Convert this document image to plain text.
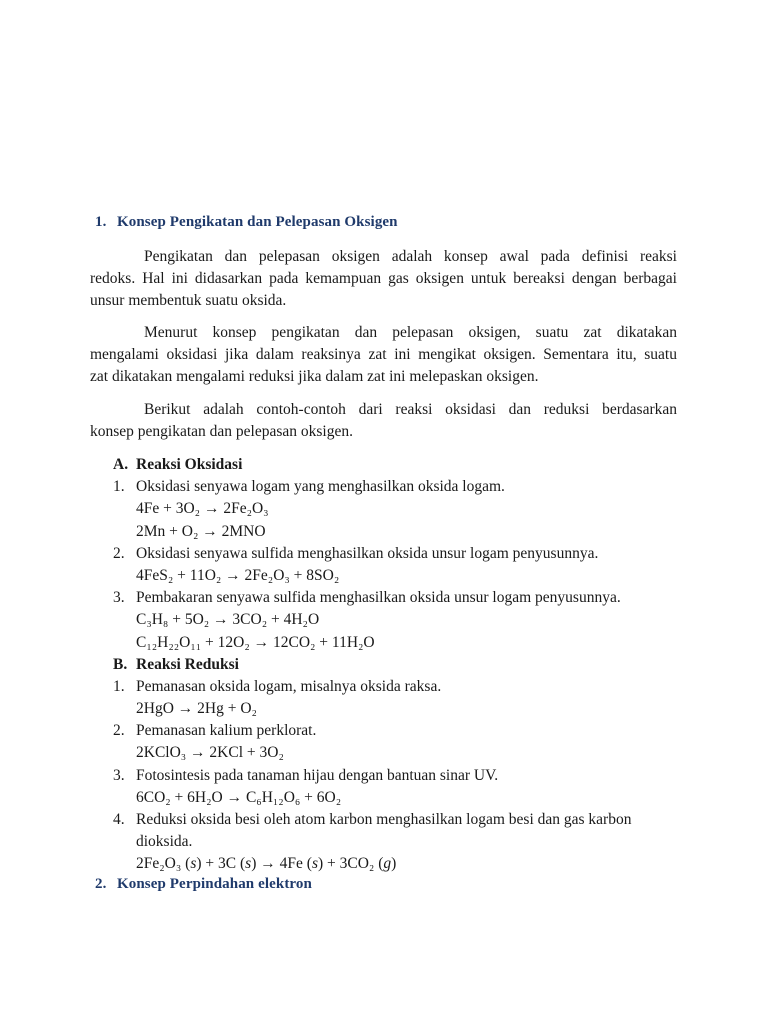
1. Konsep Pengikatan dan Pelepasan Oksigen
Pengikatan dan pelepasan oksigen adalah konsep awal pada definisi reaksi
redoks. Hal ini didasarkan pada kemampuan gas oksigen untuk bereaksi dengan berbagai
unsur membentuk suatu oksida.
Menurut konsep pengikatan dan pelepasan oksigen, suatu zat dikatakan
mengalami oksidasi jika dalam reaksinya zat ini mengikat oksigen. Sementara itu, suatu
zat dikatakan mengalami reduksi jika dalam zat ini melepaskan oksigen.
Berikut adalah contoh-contoh dari reaksi oksidasi dan reduksi berdasarkan
konsep pengikatan dan pelepasan oksigen.
A. Reaksi Oksidasi
1. Oksidasi senyawa logam yang menghasilkan oksida logam.
4Fe + 3O₂ → 2Fe₂O₃
2Mn + O₂ → 2MNO
2. Oksidasi senyawa sulfida menghasilkan oksida unsur logam penyusunnya.
4FeS₂ + 11O₂ → 2Fe₂O₃ + 8SO₂
3. Pembakaran senyawa sulfida menghasilkan oksida unsur logam penyusunnya.
C₃H₈ + 5O₂ → 3CO₂ + 4H₂O
C₁₂H₂₂O₁₁ + 12O₂ → 12CO₂ + 11H₂O
B. Reaksi Reduksi
1. Pemanasan oksida logam, misalnya oksida raksa.
2HgO → 2Hg + O₂
2. Pemanasan kalium perklorat.
2KClO₃ → 2KCl + 3O₂
3. Fotosintesis pada tanaman hijau dengan bantuan sinar UV.
6CO₂ + 6H₂O → C₆H₁₂O₆ + 6O₂
4. Reduksi oksida besi oleh atom karbon menghasilkan logam besi dan gas karbon
dioksida.
2Fe₂O₃ (s) + 3C (s) → 4Fe (s) + 3CO₂ (g)
2. Konsep Perpindahan elektron
